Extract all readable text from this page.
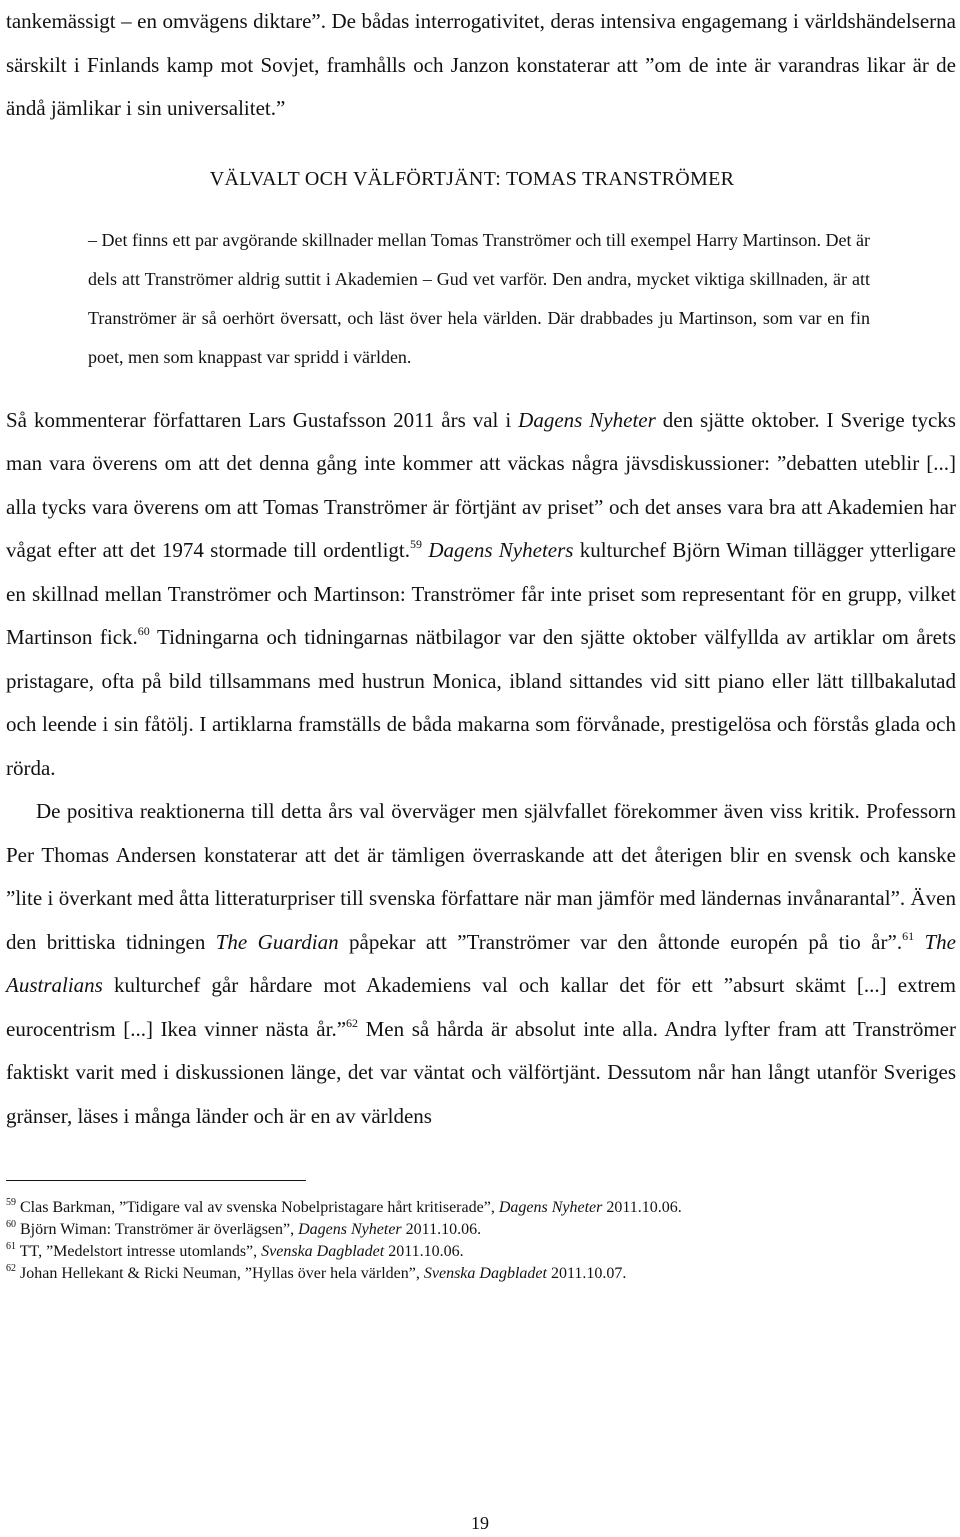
tankemässigt – en omvägens diktare”. De bådas interrogativitet, deras intensiva engagemang i världshändelserna särskilt i Finlands kamp mot Sovjet, framhålls och Janzon konstaterar att ”om de inte är varandras likar är de ändå jämlikar i sin universalitet.”

VÄLVALT OCH VÄLFÖRTJÄNT: TOMAS TRANSTRÖMER

– Det finns ett par avgörande skillnader mellan Tomas Tranströmer och till exempel Harry Martinson. Det är dels att Tranströmer aldrig suttit i Akademien – Gud vet varför. Den andra, mycket viktiga skillnaden, är att Tranströmer är så oerhört översatt, och läst över hela världen. Där drabbades ju Martinson, som var en fin poet, men som knappast var spridd i världen.

Så kommenterar författaren Lars Gustafsson 2011 års val i Dagens Nyheter den sjätte oktober. I Sverige tycks man vara överens om att det denna gång inte kommer att väckas några jävsdiskussioner: ”debatten uteblir [...] alla tycks vara överens om att Tomas Tranströmer är förtjänt av priset” och det anses vara bra att Akademien har vågat efter att det 1974 stormade till ordentligt.$^{59}$ Dagens Nyheters kulturchef Björn Wiman tillägger ytterligare en skillnad mellan Tranströmer och Martinson: Tranströmer får inte priset som representant för en grupp, vilket Martinson fick.$^{60}$ Tidningarna och tidningarnas nätbilagor var den sjätte oktober välfyllda av artiklar om årets pristagare, ofta på bild tillsammans med hustrun Monica, ibland sittandes vid sitt piano eller lätt tillbakalutad och leende i sin fåtölj. I artiklarna framställs de båda makarna som förvånade, prestigelösa och förstås glada och rörda.

De positiva reaktionerna till detta års val överväger men självfallet förekommer även viss kritik. Professorn Per Thomas Andersen konstaterar att det är tämligen överraskande att det återigen blir en svensk och kanske ”lite i överkant med åtta litteraturpriser till svenska författare när man jämför med ländernas invånarantal”. Även den brittiska tidningen The Guardian påpekar att ”Tranströmer var den åttonde europén på tio år”.$^{61}$ The Australians kulturchef går hårdare mot Akademiens val och kallar det för ett ”absurt skämt [...] extrem eurocentrism [...] Ikea vinner nästa år.”$^{62}$ Men så hårda är absolut inte alla. Andra lyfter fram att Tranströmer faktiskt varit med i diskussionen länge, det var väntat och välförtjänt. Dessutom når han långt utanför Sveriges gränser, läses i många länder och är en av världens

$^{59}$ Clas Barkman, ”Tidigare val av svenska Nobelpristagare hårt kritiserade”, Dagens Nyheter 2011.10.06.

$^{60}$ Björn Wiman: Tranströmer är överlägsen”, Dagens Nyheter 2011.10.06.

$^{61}$ TT, ”Medelstort intresse utomlands”, Svenska Dagbladet 2011.10.06.

$^{62}$ Johan Hellekant & Ricki Neuman, ”Hyllas över hela världen”, Svenska Dagbladet 2011.10.07.

19
